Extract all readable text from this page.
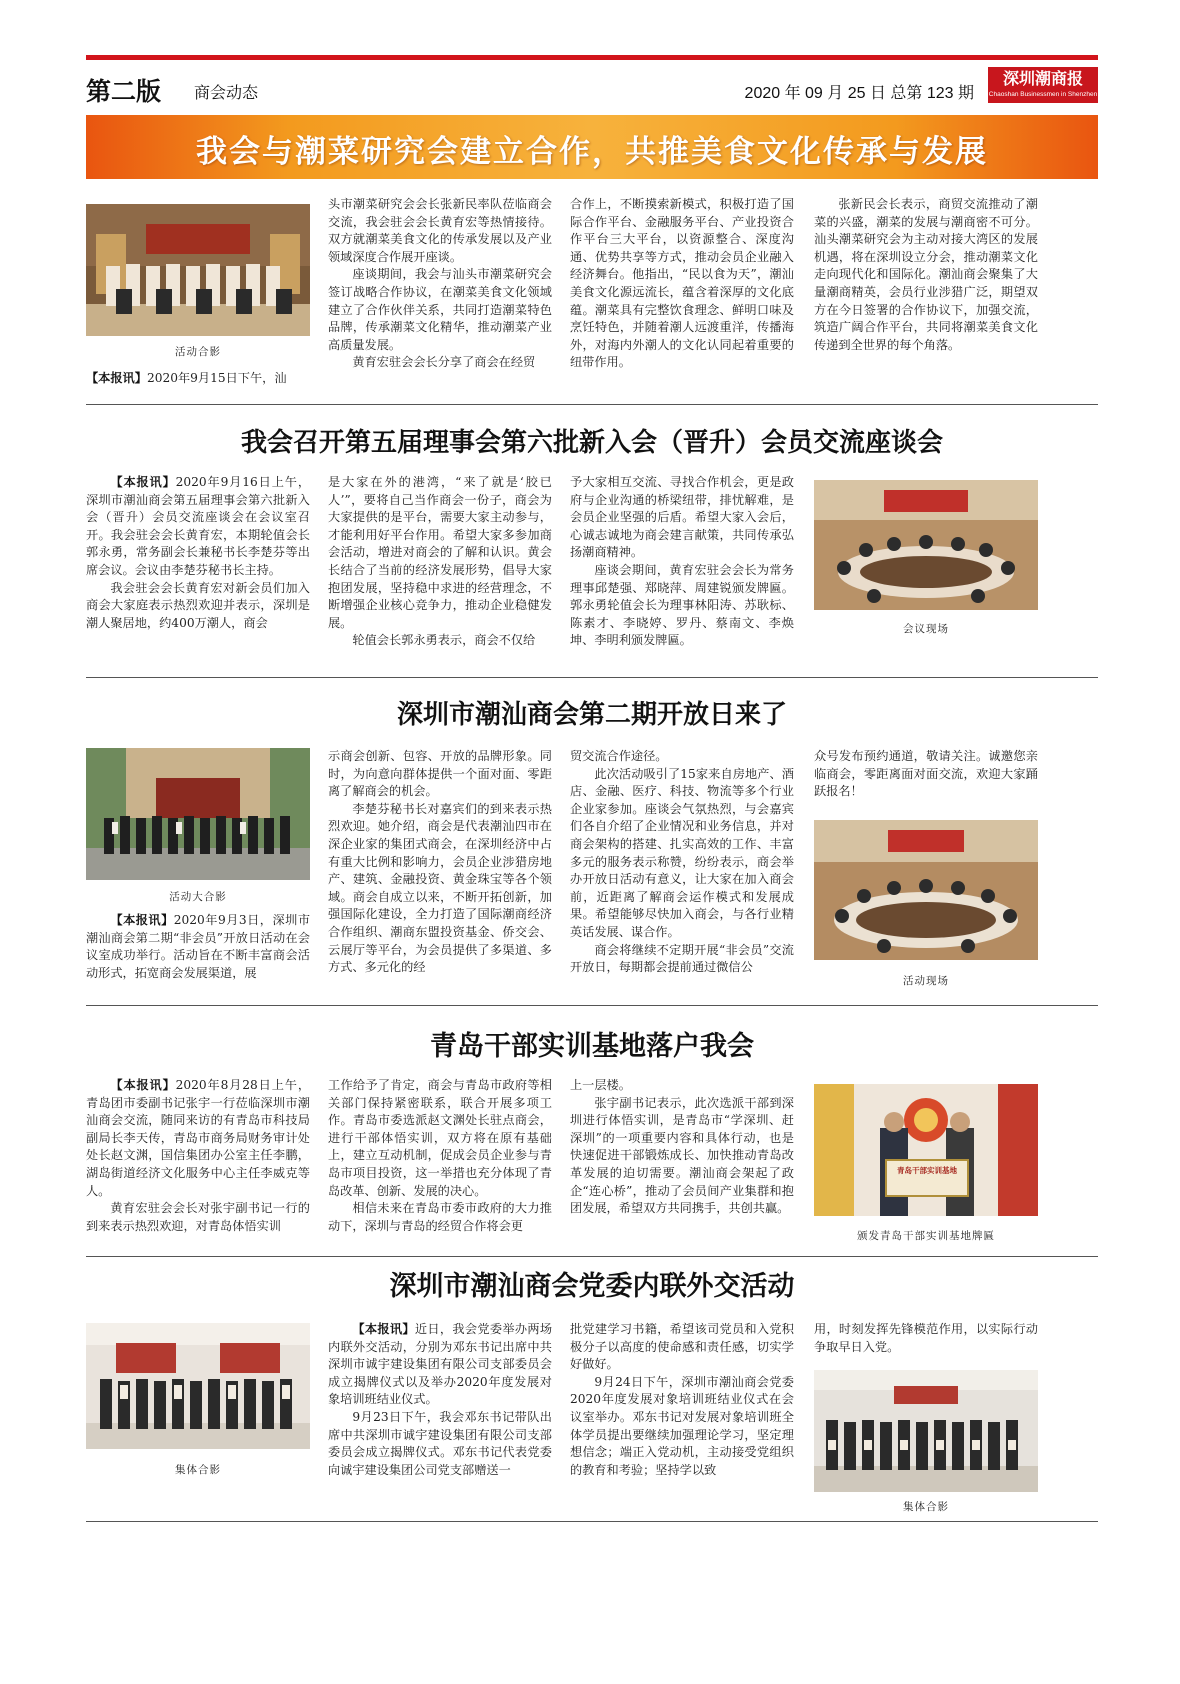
第二版 商会动态	2020 年 09 月 25 日 总第 123 期
深圳潮商报
Chaoshan Businessmen in Shenzhen
我会与潮菜研究会建立合作，共推美食文化传承与发展
活动合影

【本报讯】2020年9月15日下午，汕

头市潮菜研究会会长张新民率队莅临商会交流，我会驻会会长黄育宏等热情接待。双方就潮菜美食文化的传承发展以及产业领域深度合作展开座谈。

座谈期间，我会与汕头市潮菜研究会签订战略合作协议，在潮菜美食文化领域建立了合作伙伴关系，共同打造潮菜特色品牌，传承潮菜文化精华，推动潮菜产业高质量发展。

黄育宏驻会会长分享了商会在经贸

合作上，不断摸索新模式，积极打造了国际合作平台、金融服务平台、产业投资合作平台三大平台，以资源整合、深度沟通、优势共享等方式，推动会员企业融入经济舞台。他指出，“民以食为天”，潮汕美食文化源远流长，蕴含着深厚的文化底蕴。潮菜具有完整饮食理念、鲜明口味及烹饪特色，并随着潮人远渡重洋，传播海外，对海内外潮人的文化认同起着重要的纽带作用。

张新民会长表示，商贸交流推动了潮菜的兴盛，潮菜的发展与潮商密不可分。汕头潮菜研究会为主动对接大湾区的发展机遇，将在深圳设立分会，推动潮菜文化走向现代化和国际化。潮汕商会聚集了大量潮商精英，会员行业涉猎广泛，期望双方在今日签署的合作协议下，加强交流，筑造广阔合作平台，共同将潮菜美食文化传递到全世界的每个角落。

我会召开第五届理事会第六批新入会（晋升）会员交流座谈会

【本报讯】2020年9月16日上午，深圳市潮汕商会第五届理事会第六批新入会（晋升）会员交流座谈会在会议室召开。我会驻会会长黄育宏，本期轮值会长郭永勇，常务副会长兼秘书长李楚芬等出席会议。会议由李楚芬秘书长主持。

我会驻会会长黄育宏对新会员们加入商会大家庭表示热烈欢迎并表示，深圳是潮人聚居地，约400万潮人，商会

是大家在外的港湾，“来了就是‘胶已人’”，要将自己当作商会一份子，商会为大家提供的是平台，需要大家主动参与，才能利用好平台作用。希望大家多参加商会活动，增进对商会的了解和认识。黄会长结合了当前的经济发展形势，倡导大家抱团发展，坚持稳中求进的经营理念，不断增强企业核心竞争力，推动企业稳健发展。

轮值会长郭永勇表示，商会不仅给

予大家相互交流、寻找合作机会，更是政府与企业沟通的桥梁纽带，排忧解难，是会员企业坚强的后盾。希望大家入会后，心诚志诚地为商会建言献策，共同传承弘扬潮商精神。

座谈会期间，黄育宏驻会会长为常务理事邱楚强、郑晓萍、周建锐颁发牌匾。郭永勇轮值会长为理事林阳涛、苏耿标、陈素才、李晓婷、罗丹、蔡南文、李焕坤、李明利颁发牌匾。

会议现场
深圳市潮汕商会第二期开放日来了
活动大合影

【本报讯】2020年9月3日，深圳市潮汕商会第二期“非会员”开放日活动在会议室成功举行。活动旨在不断丰富商会活动形式，拓宽商会发展渠道，展

示商会创新、包容、开放的品牌形象。同时，为向意向群体提供一个面对面、零距离了解商会的机会。

李楚芬秘书长对嘉宾们的到来表示热烈欢迎。她介绍，商会是代表潮汕四市在深企业家的集团式商会，在深圳经济中占有重大比例和影响力，会员企业涉猎房地产、建筑、金融投资、黄金珠宝等各个领域。商会自成立以来，不断开拓创新，加强国际化建设，全力打造了国际潮商经济合作组织、潮商东盟投资基金、侨交会、云展厅等平台，为会员提供了多渠道、多方式、多元化的经

贸交流合作途径。

此次活动吸引了15家来自房地产、酒店、金融、医疗、科技、物流等多个行业企业家参加。座谈会气氛热烈，与会嘉宾们各自介绍了企业情况和业务信息，并对商会架构的搭建、扎实高效的工作、丰富多元的服务表示称赞，纷纷表示，商会举办开放日活动有意义，让大家在加入商会前，近距离了解商会运作模式和发展成果。希望能够尽快加入商会，与各行业精英话发展、谋合作。

商会将继续不定期开展“非会员”交流开放日，每期都会提前通过微信公

众号发布预约通道，敬请关注。诚邀您亲临商会，零距离面对面交流，欢迎大家踊跃报名！

活动现场
青岛干部实训基地落户我会

【本报讯】2020年8月28日上午，青岛团市委副书记张宇一行莅临深圳市潮汕商会交流，随同来访的有青岛市科技局副局长李天传，青岛市商务局财务审计处处长赵文渊，国信集团办公室主任李鹏，湖岛街道经济文化服务中心主任李威克等人。

黄育宏驻会会长对张宇副书记一行的到来表示热烈欢迎，对青岛体悟实训

工作给予了肯定，商会与青岛市政府等相关部门保持紧密联系，联合开展多项工作。青岛市委选派赵文渊处长驻点商会，进行干部体悟实训，双方将在原有基础上，建立互动机制，促成会员企业参与青岛市项目投资，这一举措也充分体现了青岛改革、创新、发展的决心。

相信未来在青岛市委市政府的大力推动下，深圳与青岛的经贸合作将会更

上一层楼。

张宇副书记表示，此次选派干部到深圳进行体悟实训，是青岛市“学深圳、赶深圳”的一项重要内容和具体行动，也是快速促进干部锻炼成长、加快推动青岛改革发展的迫切需要。潮汕商会架起了政企“连心桥”，推动了会员间产业集群和抱团发展，希望双方共同携手，共创共赢。

青岛干部实训基地
颁发青岛干部实训基地牌匾
深圳市潮汕商会党委内联外交活动
集体合影

【本报讯】近日，我会党委举办两场内联外交活动，分别为邓东书记出席中共深圳市诚宇建设集团有限公司支部委员会成立揭牌仪式以及举办2020年度发展对象培训班结业仪式。

9月23日下午，我会邓东书记带队出席中共深圳市诚宇建设集团有限公司支部委员会成立揭牌仪式。邓东书记代表党委向诚宇建设集团公司党支部赠送一

批党建学习书籍，希望该司党员和入党积极分子以高度的使命感和责任感，切实学好做好。

9月24日下午，深圳市潮汕商会党委2020年度发展对象培训班结业仪式在会议室举办。邓东书记对发展对象培训班全体学员提出要继续加强理论学习，坚定理想信念；端正入党动机，主动接受党组织的教育和考验；坚持学以致

用，时刻发挥先锋模范作用，以实际行动争取早日入党。

集体合影
